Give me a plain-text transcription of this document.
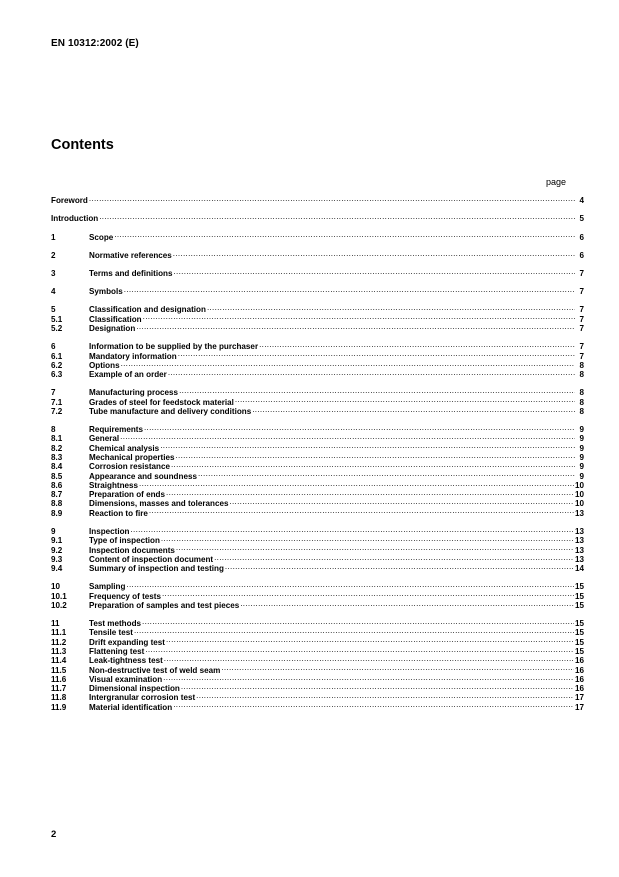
EN 10312:2002 (E)
Contents
page
Foreword .....	4
Introduction .....	5
1	Scope .....	6
2	Normative references .....	6
3	Terms and definitions .....	7
4	Symbols .....	7
5	Classification and designation .....	7
5.1	Classification .....	7
5.2	Designation .....	7
6	Information to be supplied by the purchaser .....	7
6.1	Mandatory information .....	7
6.2	Options .....	8
6.3	Example of an order .....	8
7	Manufacturing process .....	8
7.1	Grades of steel for feedstock material .....	8
7.2	Tube manufacture and delivery conditions .....	8
8	Requirements .....	9
8.1	General .....	9
8.2	Chemical analysis .....	9
8.3	Mechanical properties .....	9
8.4	Corrosion resistance .....	9
8.5	Appearance and soundness .....	9
8.6	Straightness .....	10
8.7	Preparation of ends .....	10
8.8	Dimensions, masses and tolerances .....	10
8.9	Reaction to fire .....	13
9	Inspection .....	13
9.1	Type of inspection .....	13
9.2	Inspection documents .....	13
9.3	Content of inspection document .....	13
9.4	Summary of inspection and testing .....	14
10	Sampling .....	15
10.1	Frequency of tests .....	15
10.2	Preparation of samples and test pieces .....	15
11	Test methods .....	15
11.1	Tensile test .....	15
11.2	Drift expanding test .....	15
11.3	Flattening test .....	15
11.4	Leak-tightness test .....	16
11.5	Non-destructive test of weld seam .....	16
11.6	Visual examination .....	16
11.7	Dimensional inspection .....	16
11.8	Intergranular corrosion test .....	17
11.9	Material identification .....	17
2
